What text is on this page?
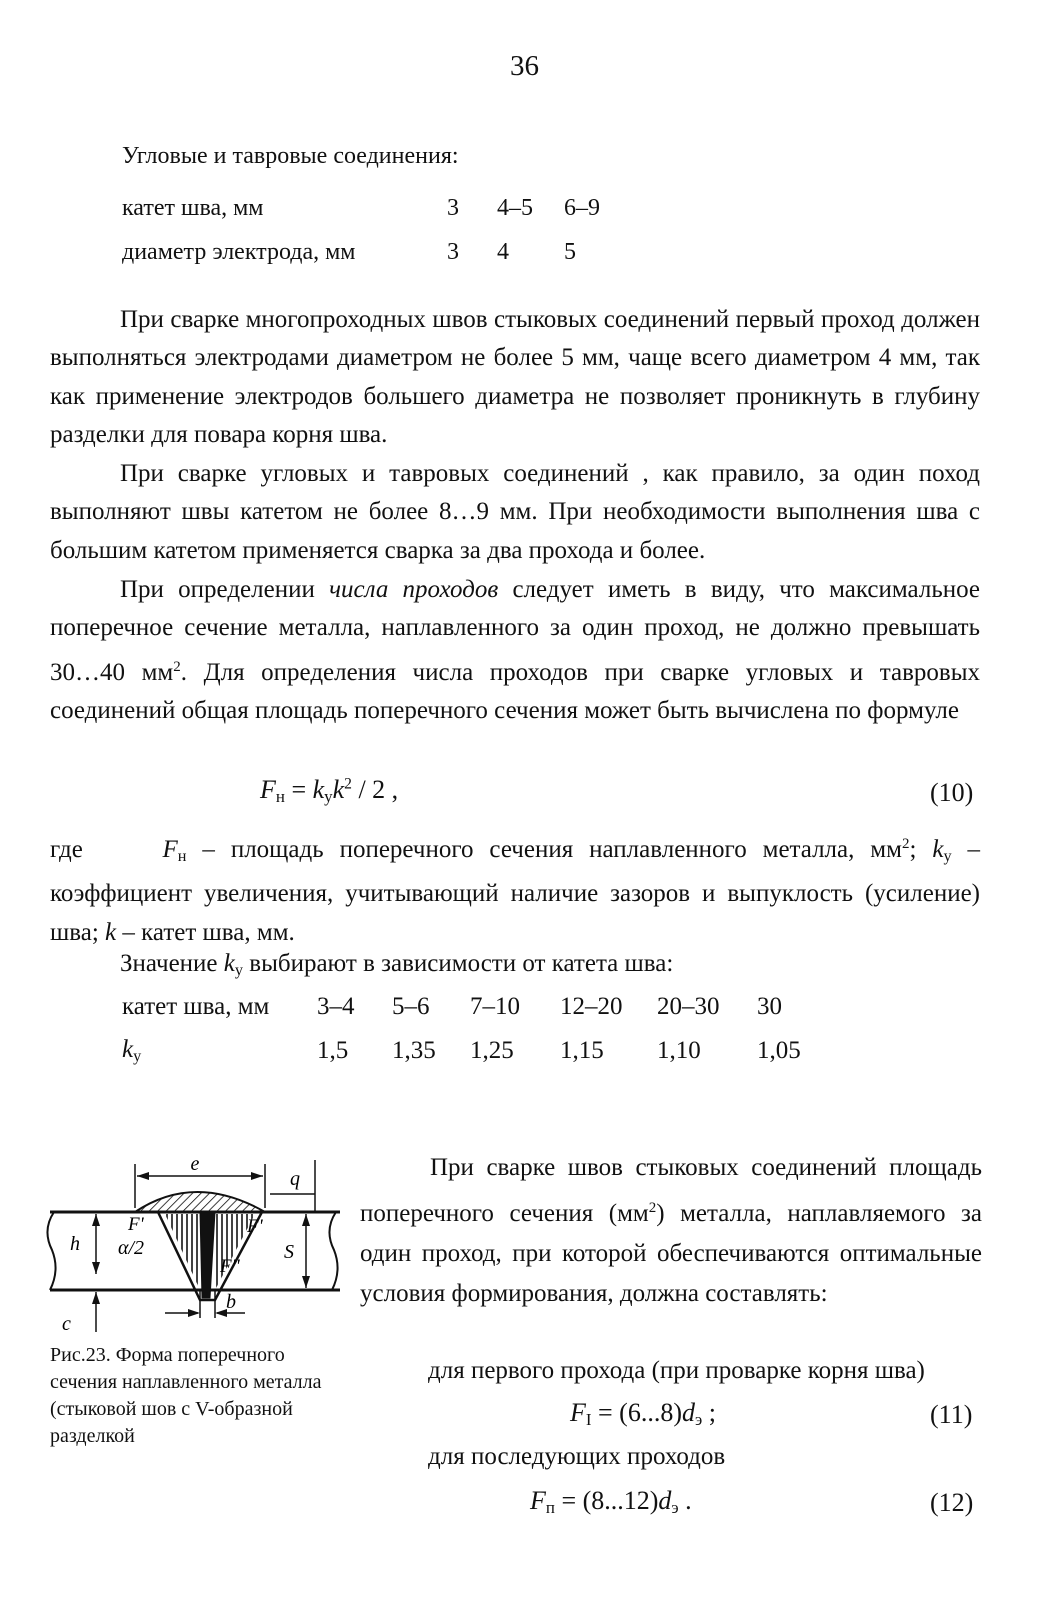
36
Угловые и тавровые соединения:
катет шва, мм	3	4–5	6–9
диаметр электрода, мм	3	4	5

При сварке многопроходных швов стыковых соединений первый проход должен выполняться электродами диаметром не более 5 мм, чаще всего диаметром 4 мм, так как применение электродов большего диаметра не позволяет проникнуть в глубину разделки для повара корня шва.

При сварке угловых и тавровых соединений , как правило, за один поход выполняют швы катетом не более 8…9 мм. При необходимости выполнения шва с большим катетом применяется сварка за два прохода и более.

При определении числа проходов следует иметь в виду, что максимальное поперечное сечение металла, наплавленного за один проход, не должно превышать 30…40 $мм^2$. Для определения числа проходов при сварке угловых и тавровых соединений общая площадь поперечного сечения может быть вычислена по формуле

$F_н = k_уk^2 / 2$ ,	(10)

где	$F_н$ – площадь поперечного сечения наплавленного металла, $мм^2$; $k_у$ – коэффициент увеличения, учитывающий наличие зазоров и выпуклость (усиление) шва; k – катет шва, мм.

Значение $k_у$ выбирают в зависимости от катета шва:
катет шва, мм	3–4	5–6	7–10	12–20	20–30	30
$k_у$	1,5	1,35	1,25	1,15	1,10	1,05
e
q
h α/2	S
F'	F'
F''
c
b
Рис.23. Форма поперечного сечения наплавленного металла (стыковой шов с V-образной разделкой

При сварке швов стыковых соединений площадь поперечного сечения $(мм^2)$ металла, наплавляемого за один проход, при которой обеспечиваются оптимальные условия формирования, должна составлять:

для первого прохода (при проварке корня шва)
$F_I = (6...8)d_э$ ;	(11)
для последующих проходов
$F_п = (8...12)d_э$ .	(12)
